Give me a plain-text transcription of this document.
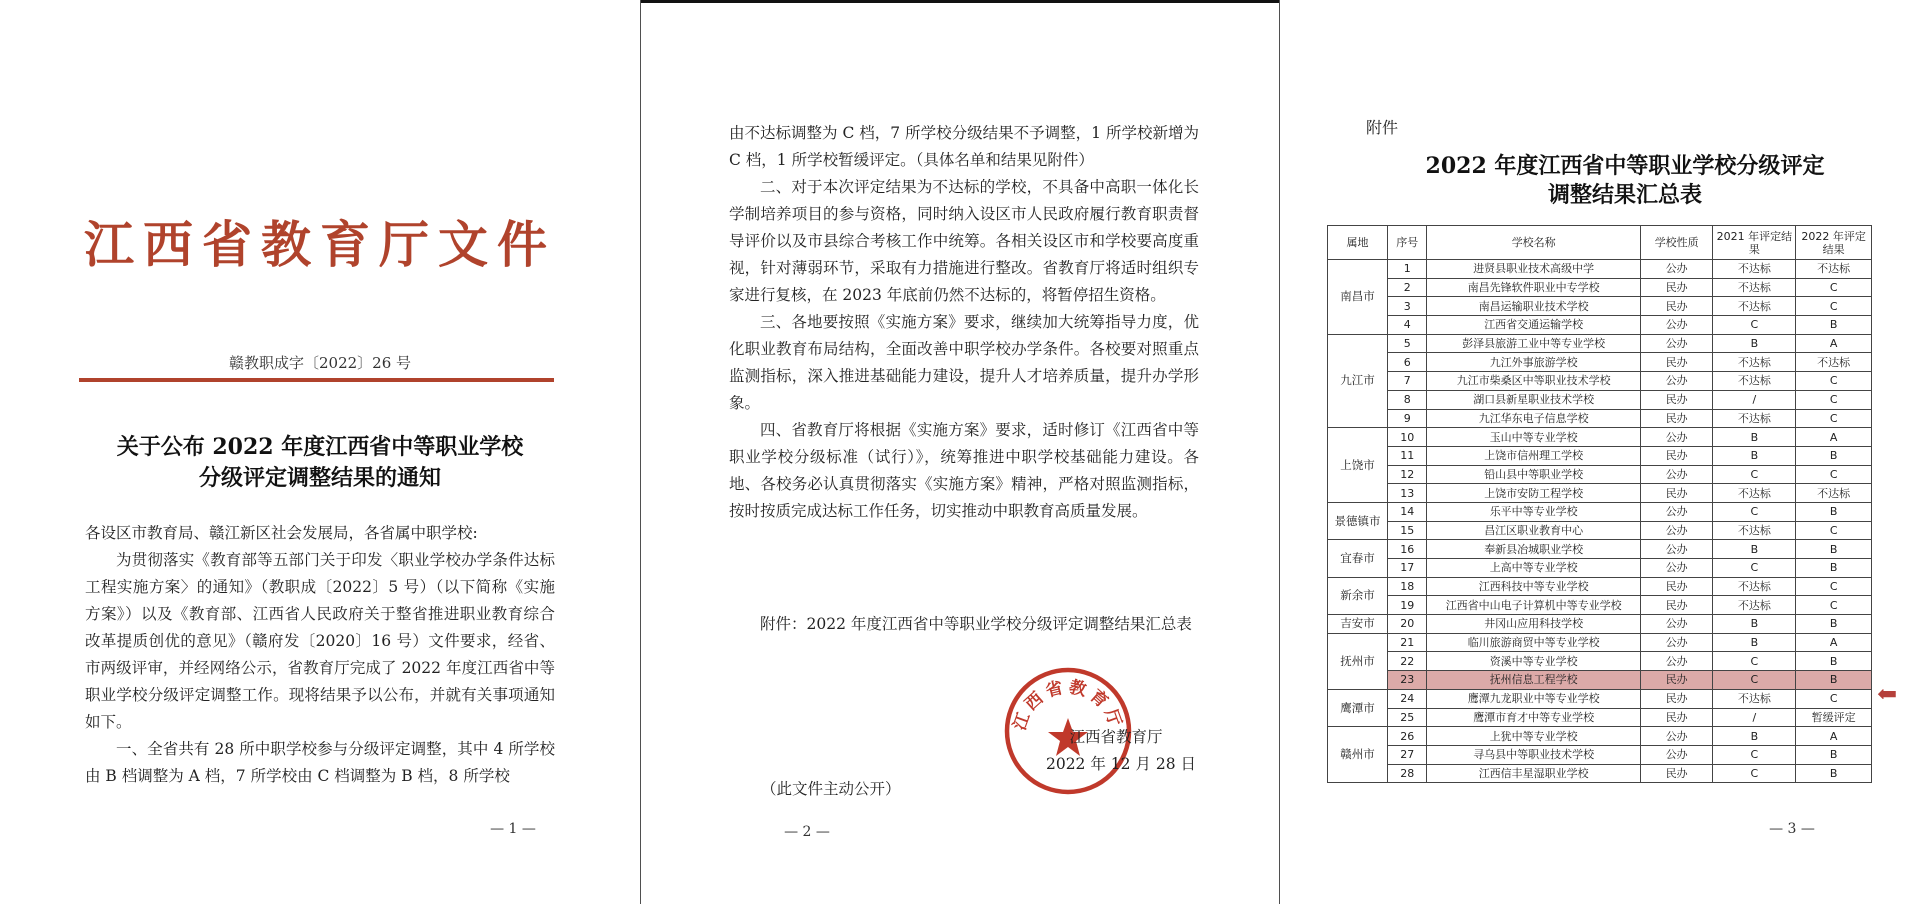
江西省教育厅文件
赣教职成字〔2022〕26 号
关于公布 2022 年度江西省中等职业学校
分级评定调整结果的通知

各设区市教育局、赣江新区社会发展局，各省属中职学校:

为贯彻落实《教育部等五部门关于印发〈职业学校办学条件达标工程实施方案〉的通知》（教职成〔2022〕5 号）（以下简称《实施方案》）以及《教育部、江西省人民政府关于整省推进职业教育综合改革提质创优的意见》（赣府发〔2020〕16 号）文件要求，经省、市两级评审，并经网络公示，省教育厅完成了 2022 年度江西省中等职业学校分级评定调整工作。现将结果予以公布，并就有关事项通知如下。

一、全省共有 28 所中职学校参与分级评定调整，其中 4 所学校由 B 档调整为 A 档，7 所学校由 C 档调整为 B 档，8 所学校

— 1 —

由不达标调整为 C 档，7 所学校分级结果不予调整，1 所学校新增为 C 档，1 所学校暂缓评定。（具体名单和结果见附件）

二、对于本次评定结果为不达标的学校，不具备中高职一体化长学制培养项目的参与资格，同时纳入设区市人民政府履行教育职责督导评价以及市县综合考核工作中统筹。各相关设区市和学校要高度重视，针对薄弱环节，采取有力措施进行整改。省教育厅将适时组织专家进行复核，在 2023 年底前仍然不达标的，将暂停招生资格。

三、各地要按照《实施方案》要求，继续加大统筹指导力度，优化职业教育布局结构，全面改善中职学校办学条件。各校要对照重点监测指标，深入推进基础能力建设，提升人才培养质量，提升办学形象。

四、省教育厅将根据《实施方案》要求，适时修订《江西省中等职业学校分级标准（试行）》，统筹推进中职学校基础能力建设。各地、各校务必认真贯彻落实《实施方案》精神，严格对照监测指标，按时按质完成达标工作任务，切实推动中职教育高质量发展。

附件：2022 年度江西省中等职业学校分级评定调整结果汇总表

江西省教育厅
江西省教育厅
2022 年 12 月 28 日
（此文件主动公开）
— 2 —
附件
2022 年度江西省中等职业学校分级评定
调整结果汇总表
属地	序号	学校名称	学校性质	2021 年评定结果	2022 年评定结果
南昌市	1	进贤县职业技术高级中学	公办	不达标	不达标
	2	南昌先锋软件职业中专学校	民办	不达标	C
	3	南昌运输职业技术学校	民办	不达标	C
	4	江西省交通运输学校	公办	C	B
九江市	5	彭泽县旅游工业中等专业学校	公办	B	A
	6	九江外事旅游学校	民办	不达标	不达标
	7	九江市柴桑区中等职业技术学校	公办	不达标	C
	8	湖口县新星职业技术学校	民办	/	C
	9	九江华东电子信息学校	民办	不达标	C
上饶市	10	玉山中等专业学校	公办	B	A
	11	上饶市信州理工学校	民办	B	B
	12	铅山县中等职业学校	公办	C	C
	13	上饶市安防工程学校	民办	不达标	不达标
景德镇市	14	乐平中等专业学校	公办	C	B
	15	昌江区职业教育中心	公办	不达标	C
宜春市	16	奉新县冶城职业学校	公办	B	B
	17	上高中等专业学校	公办	C	B
新余市	18	江西科技中等专业学校	民办	不达标	C
	19	江西省中山电子计算机中等专业学校	民办	不达标	C
吉安市	20	井冈山应用科技学校	公办	B	B
抚州市	21	临川旅游商贸中等专业学校	公办	B	A
	22	资溪中等专业学校	公办	C	B
	23	抚州信息工程学校	民办	C	B
鹰潭市	24	鹰潭九龙职业中等专业学校	民办	不达标	C
	25	鹰潭市育才中等专业学校	民办	/	暂缓评定
赣州市	26	上犹中等专业学校	公办	B	A
	27	寻乌县中等职业技术学校	公办	C	B
	28	江西信丰星湿职业学校	民办	C	B
⬅
— 3 —
